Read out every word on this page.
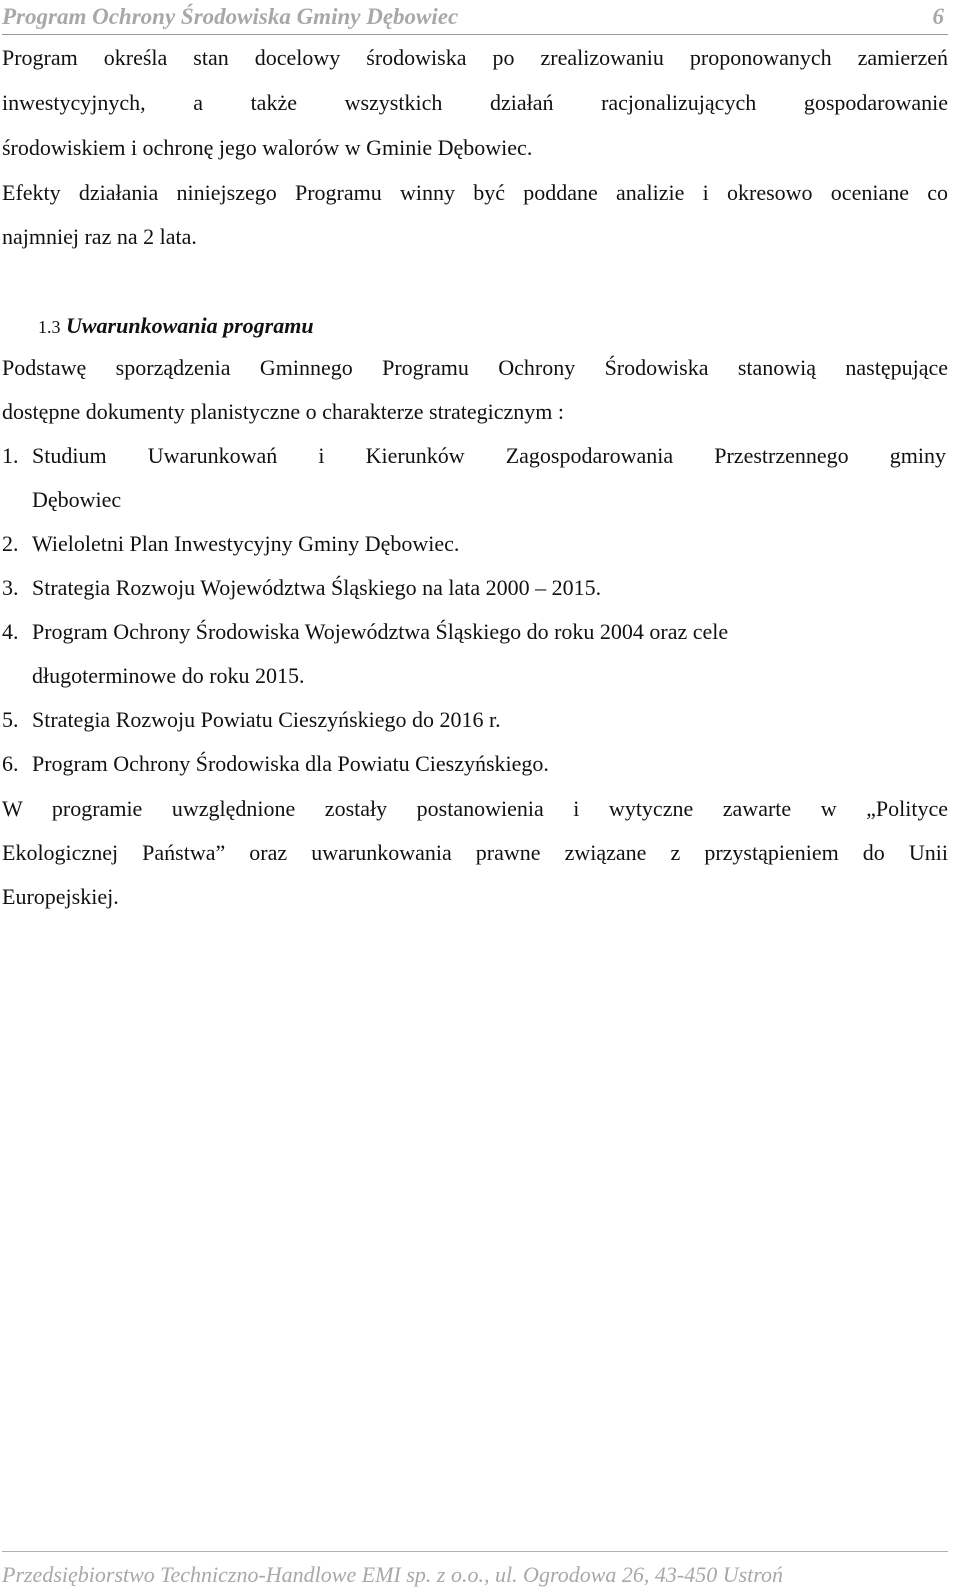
Program Ochrony Środowiska Gminy Dębowiec	6
Program określa stan docelowy środowiska po zrealizowaniu proponowanych zamierzeń
inwestycyjnych, a także wszystkich działań racjonalizujących gospodarowanie
środowiskiem i ochronę jego walorów w Gminie Dębowiec.
Efekty działania niniejszego Programu winny być poddane analizie i okresowo oceniane co
najmniej raz na 2 lata.
1.3 Uwarunkowania programu
Podstawę sporządzenia Gminnego Programu Ochrony Środowiska stanowią następujące
dostępne dokumenty planistyczne o charakterze strategicznym :
1. Studium Uwarunkowań i Kierunków Zagospodarowania Przestrzennego gminy
Dębowiec
2. Wieloletni Plan Inwestycyjny Gminy Dębowiec.
3. Strategia Rozwoju Województwa Śląskiego na lata 2000 – 2015.
4. Program Ochrony Środowiska Województwa Śląskiego do roku 2004 oraz cele
długoterminowe do roku 2015.
5. Strategia Rozwoju Powiatu Cieszyńskiego do 2016 r.
6. Program Ochrony Środowiska dla Powiatu Cieszyńskiego.
W programie uwzględnione zostały postanowienia i wytyczne zawarte w „Polityce
Ekologicznej Państwa” oraz uwarunkowania prawne związane z przystąpieniem do Unii
Europejskiej.
Przedsiębiorstwo Techniczno-Handlowe EMI sp. z o.o., ul. Ogrodowa 26, 43-450 Ustroń
